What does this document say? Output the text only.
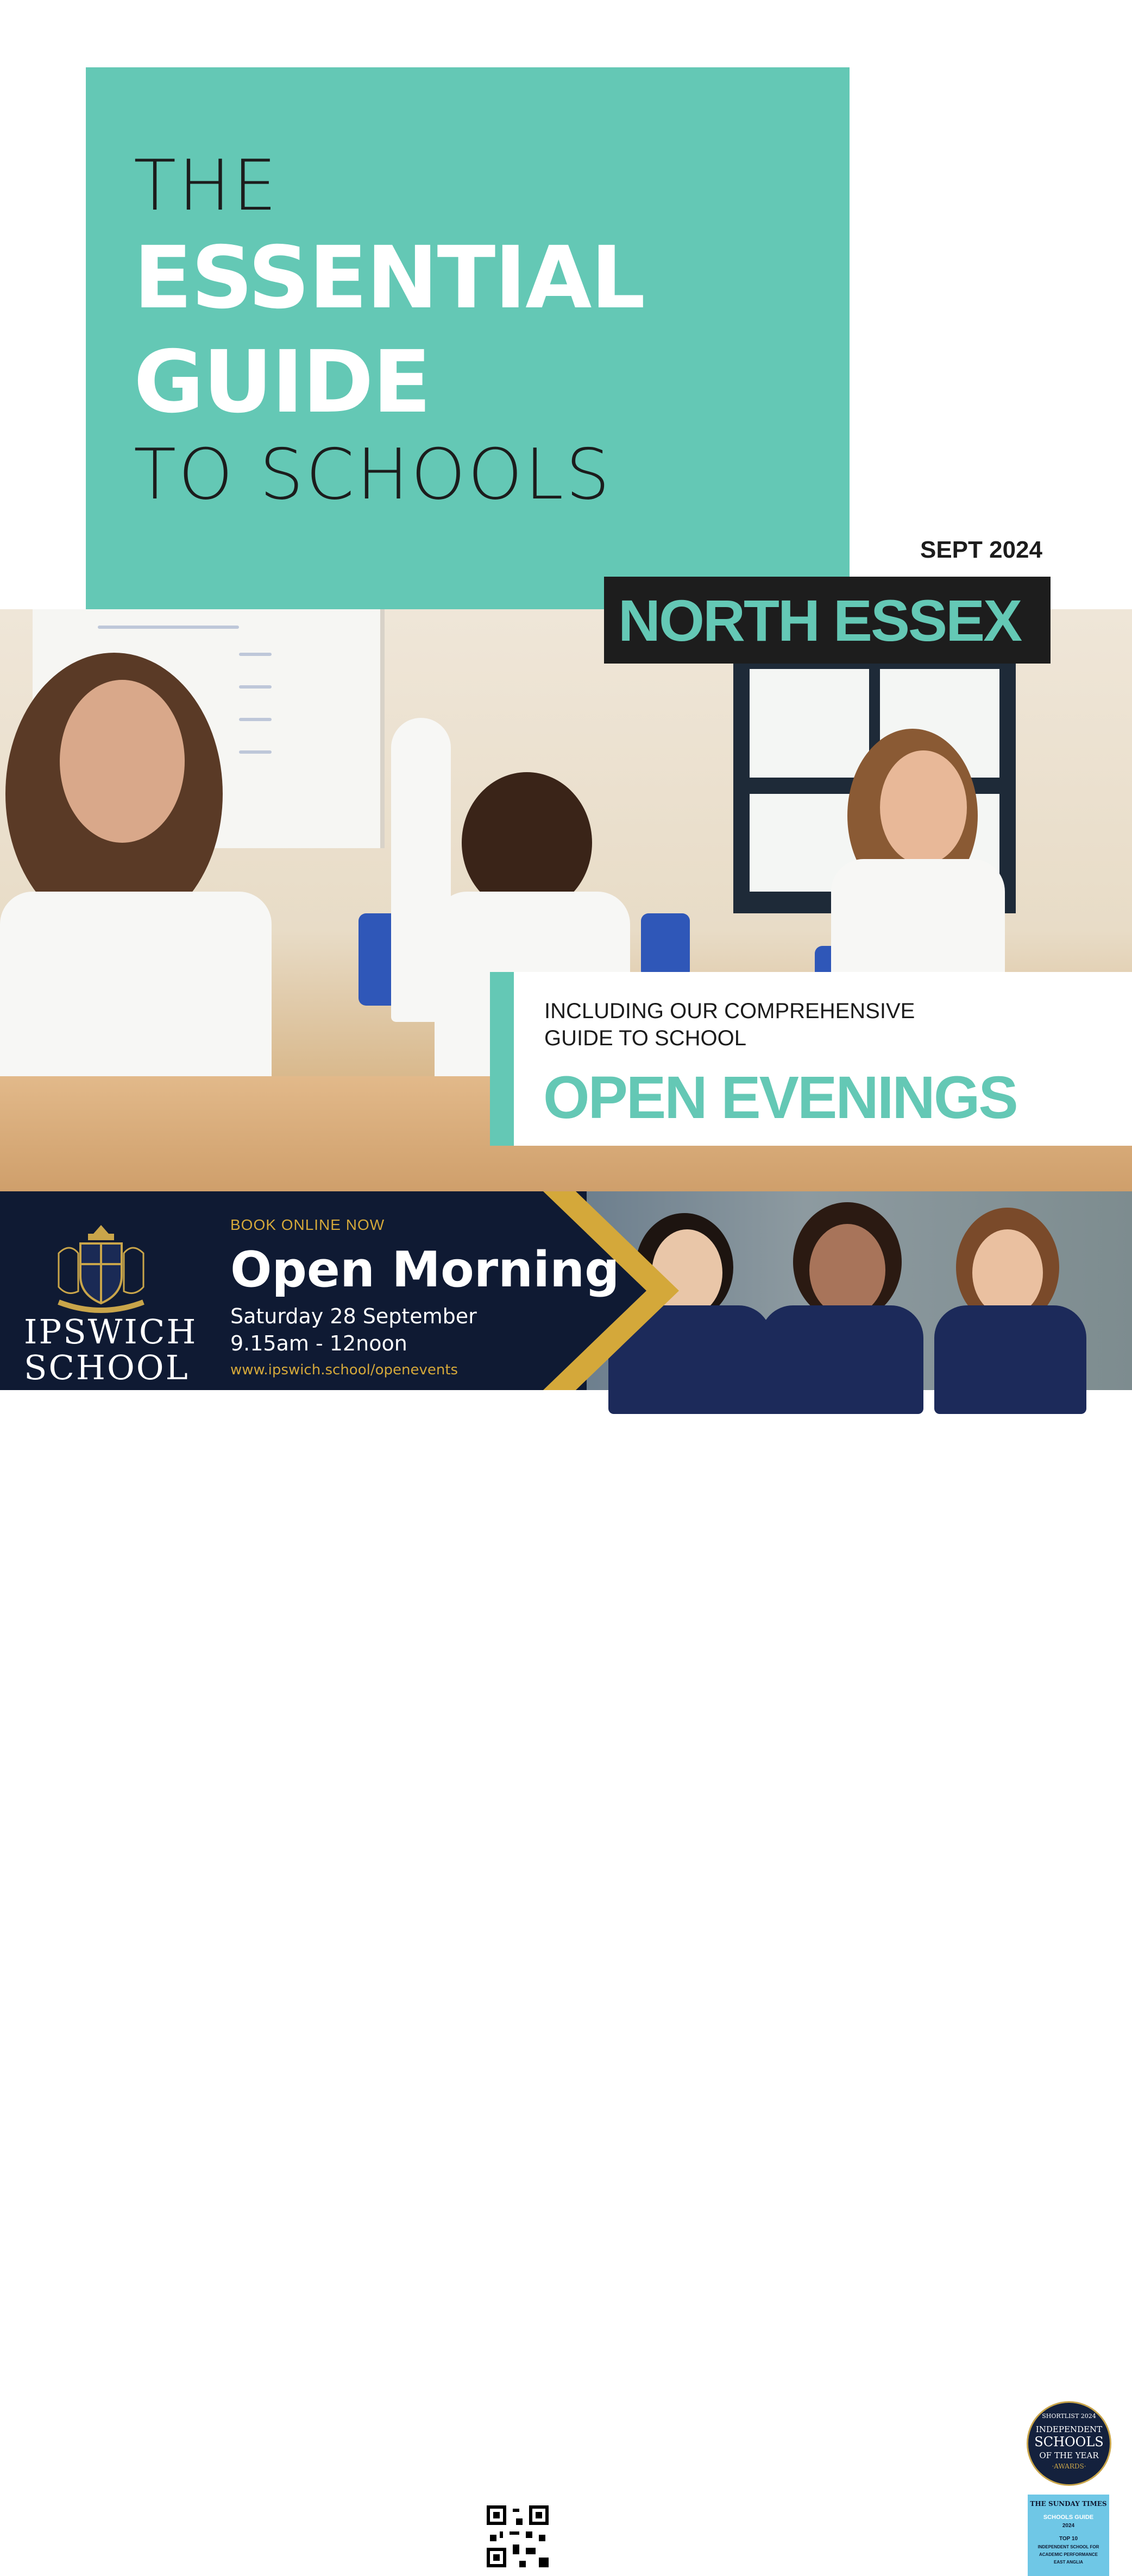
THE
ESSENTIAL
GUIDE
TO SCHOOLS
SEPT 2024
NORTH ESSEX
INCLUDING OUR COMPREHENSIVE
GUIDE TO SCHOOL
OPEN EVENINGS
SHORTLIST 2024
INDEPENDENT
SCHOOLS
OF THE YEAR
·AWARDS·
THE SUNDAY TIMES
SCHOOLS GUIDE
2024
TOP 10
INDEPENDENT SCHOOL FOR
ACADEMIC PERFORMANCE
EAST ANGLIA
IPSWICH
SCHOOL
BOOK ONLINE NOW
Open Morning
Saturday 28 September
9.15am - 12noon
www.ipswich.school/openevents
